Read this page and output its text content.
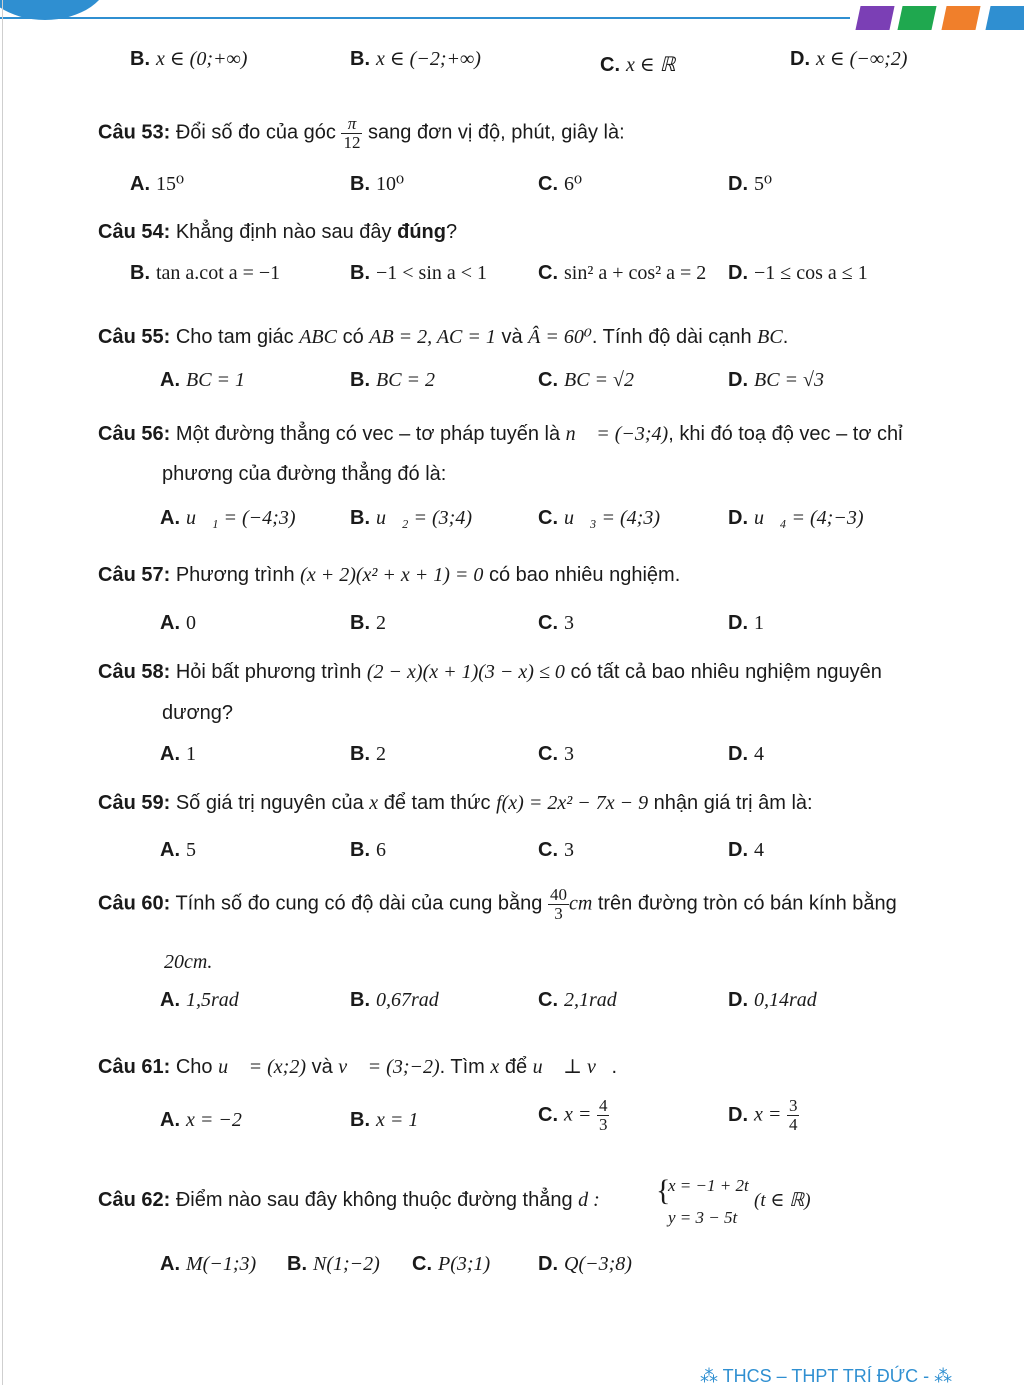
B. x ∈ (0;+∞)	B. x ∈ (−2;+∞)	C. x ∈ ℝ	D. x ∈ (−∞;2)
Câu 53: Đổi số đo của góc $\frac{\pi}{12}$ sang đơn vị độ, phút, giây là:
A. 15⁰	B. 10⁰	C. 6⁰	D. 5⁰
Câu 54: Khẳng định nào sau đây đúng?
B. tan a.cot a = −1	B. −1 < sin a < 1	C. sin² a + cos² a = 2 D. −1 ≤ cos a ≤ 1
Câu 55: Cho tam giác ABC có AB = 2, AC = 1 và Â = 60⁰. Tính độ dài cạnh BC.
A. BC = 1	B. BC = 2	C. BC = √2	D. BC = √3
Câu 56: Một đường thẳng có vec – tơ pháp tuyến là n⃗ = (−3;4), khi đó toạ độ vec – tơ chỉ
phương của đường thẳng đó là:
A. u⃗₁ = (−4;3)	B. u⃗₂ = (3;4)	C. u⃗₃ = (4;3)	D. u⃗₄ = (4;−3)
Câu 57: Phương trình (x + 2)(x² + x + 1) = 0 có bao nhiêu nghiệm.
A. 0	B. 2	C. 3	D. 1
Câu 58: Hỏi bất phương trình (2 − x)(x + 1)(3 − x) ≤ 0 có tất cả bao nhiêu nghiệm nguyên
dương?
A. 1	B. 2	C. 3	D. 4
Câu 59: Số giá trị nguyên của x để tam thức f(x) = 2x² − 7x − 9 nhận giá trị âm là:
A. 5	B. 6	C. 3	D. 4
Câu 60: Tính số đo cung có độ dài của cung bằng $\frac{40}{3}$ cm trên đường tròn có bán kính bằng
20cm.
A. 1,5rad	B. 0,67rad	C. 2,1rad	D. 0,14rad
Câu 61: Cho u⃗ = (x;2) và v⃗ = (3;−2). Tìm x để u⃗ ⊥ v⃗.
A. x = −2	B. x = 1	C. $x = \frac{4}{3}$	D. $x = \frac{3}{4}$
Câu 62: Điểm nào sau đây không thuộc đường thẳng d : {
x = −1 + 2t
y = 3 − 5t
(t ∈ ℝ)
A. M(−1;3) B. N(1;−2) C. P(3;1) D. Q(−3;8)
⁂ THCS – THPT TRÍ ĐỨC - ⁂
